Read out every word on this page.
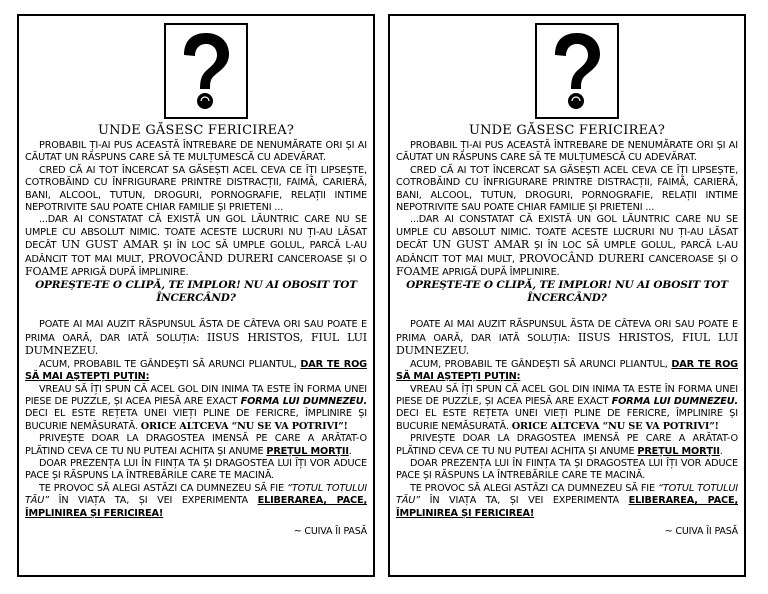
UNDE GĂSESC FERICIREA?

PROBABIL ȚI-AI PUS ACEASTĂ ÎNTREBARE DE NENUMĂRATE ORI ȘI AI CĂUTAT UN RĂSPUNS CARE SĂ TE MULȚUMESCĂ CU ADEVĂRAT.

CRED CĂ AI TOT ÎNCERCAT SA GĂSEȘTI ACEL CEVA CE ÎȚI LIPSEȘTE, COTROBĂIND CU ÎNFRIGURARE PRINTRE DISTRACȚII, FAIMĂ, CARIERĂ, BANI, ALCOOL, TUTUN, DROGURI, PORNOGRAFIE, RELAȚII INTIME NEPOTRIVITE SAU POATE CHIAR FAMILIE ȘI PRIETENI ...

...DAR AI CONSTATAT CĂ EXISTĂ UN GOL LĂUNTRIC CARE NU SE UMPLE CU ABSOLUT NIMIC. TOATE ACESTE LUCRURI NU ȚI-AU LĂSAT DECÂT UN GUST AMAR ȘI ÎN LOC SĂ UMPLE GOLUL, PARCĂ L-AU ADÂNCIT TOT MAI MULT, PROVOCÂND DURERI CANCEROASE ȘI O FOAME APRIGĂ DUPĂ ÎMPLINIRE.

OPREȘTE-TE O CLIPĂ, TE IMPLOR! NU AI OBOSIT TOT ÎNCERCÂND?

POATE AI MAI AUZIT RĂSPUNSUL ĂSTA DE CÂTEVA ORI SAU POATE E PRIMA OARĂ, DAR IATĂ SOLUȚIA: IISUS HRISTOS, FIUL LUI DUMNEZEU.

ACUM, PROBABIL TE GÂNDEȘTI SĂ ARUNCI PLIANTUL, DAR TE ROG SĂ MAI AȘTEPȚI PUȚIN:

VREAU SĂ ÎȚI SPUN CĂ ACEL GOL DIN INIMA TA ESTE ÎN FORMA UNEI PIESE DE PUZZLE, ȘI ACEA PIESĂ ARE EXACT FORMA LUI DUMNEZEU. DECI EL ESTE REȚETA UNEI VIEȚI PLINE DE FERICRE, ÎMPLINIRE ȘI BUCURIE NEMĂSURATĂ. ORICE ALTCEVA “NU SE VA POTRIVI”!

PRIVEȘTE DOAR LA DRAGOSTEA IMENSĂ PE CARE A ARĂTAT-O PLĂTIND CEVA CE TU NU PUTEAI ACHITA ȘI ANUME PREȚUL MORȚII.

DOAR PREZENȚA LUI ÎN FIINȚA TA ȘI DRAGOSTEA LUI ÎȚI VOR ADUCE PACE ȘI RĂSPUNS LA ÎNTREBĂRILE CARE TE MACINĂ.

TE PROVOC SĂ ALEGI ASTĂZI CA DUMNEZEU SĂ FIE “TOTUL TOTULUI TĂU” ÎN VIAȚA TA, ȘI VEI EXPERIMENTA ELIBERAREA, PACE, ÎMPLINIREA ȘI FERICIREA!

~ CUIVA ÎI PASĂ
UNDE GĂSESC FERICIREA?

PROBABIL ȚI-AI PUS ACEASTĂ ÎNTREBARE DE NENUMĂRATE ORI ȘI AI CĂUTAT UN RĂSPUNS CARE SĂ TE MULȚUMESCĂ CU ADEVĂRAT.

CRED CĂ AI TOT ÎNCERCAT SA GĂSEȘTI ACEL CEVA CE ÎȚI LIPSEȘTE, COTROBĂIND CU ÎNFRIGURARE PRINTRE DISTRACȚII, FAIMĂ, CARIERĂ, BANI, ALCOOL, TUTUN, DROGURI, PORNOGRAFIE, RELAȚII INTIME NEPOTRIVITE SAU POATE CHIAR FAMILIE ȘI PRIETENI ...

...DAR AI CONSTATAT CĂ EXISTĂ UN GOL LĂUNTRIC CARE NU SE UMPLE CU ABSOLUT NIMIC. TOATE ACESTE LUCRURI NU ȚI-AU LĂSAT DECÂT UN GUST AMAR ȘI ÎN LOC SĂ UMPLE GOLUL, PARCĂ L-AU ADÂNCIT TOT MAI MULT, PROVOCÂND DURERI CANCEROASE ȘI O FOAME APRIGĂ DUPĂ ÎMPLINIRE.

OPREȘTE-TE O CLIPĂ, TE IMPLOR! NU AI OBOSIT TOT ÎNCERCÂND?

POATE AI MAI AUZIT RĂSPUNSUL ĂSTA DE CÂTEVA ORI SAU POATE E PRIMA OARĂ, DAR IATĂ SOLUȚIA: IISUS HRISTOS, FIUL LUI DUMNEZEU.

ACUM, PROBABIL TE GÂNDEȘTI SĂ ARUNCI PLIANTUL, DAR TE ROG SĂ MAI AȘTEPȚI PUȚIN:

VREAU SĂ ÎȚI SPUN CĂ ACEL GOL DIN INIMA TA ESTE ÎN FORMA UNEI PIESE DE PUZZLE, ȘI ACEA PIESĂ ARE EXACT FORMA LUI DUMNEZEU. DECI EL ESTE REȚETA UNEI VIEȚI PLINE DE FERICRE, ÎMPLINIRE ȘI BUCURIE NEMĂSURATĂ. ORICE ALTCEVA “NU SE VA POTRIVI”!

PRIVEȘTE DOAR LA DRAGOSTEA IMENSĂ PE CARE A ARĂTAT-O PLĂTIND CEVA CE TU NU PUTEAI ACHITA ȘI ANUME PREȚUL MORȚII.

DOAR PREZENȚA LUI ÎN FIINȚA TA ȘI DRAGOSTEA LUI ÎȚI VOR ADUCE PACE ȘI RĂSPUNS LA ÎNTREBĂRILE CARE TE MACINĂ.

TE PROVOC SĂ ALEGI ASTĂZI CA DUMNEZEU SĂ FIE “TOTUL TOTULUI TĂU” ÎN VIAȚA TA, ȘI VEI EXPERIMENTA ELIBERAREA, PACE, ÎMPLINIREA ȘI FERICIREA!

~ CUIVA ÎI PASĂ
